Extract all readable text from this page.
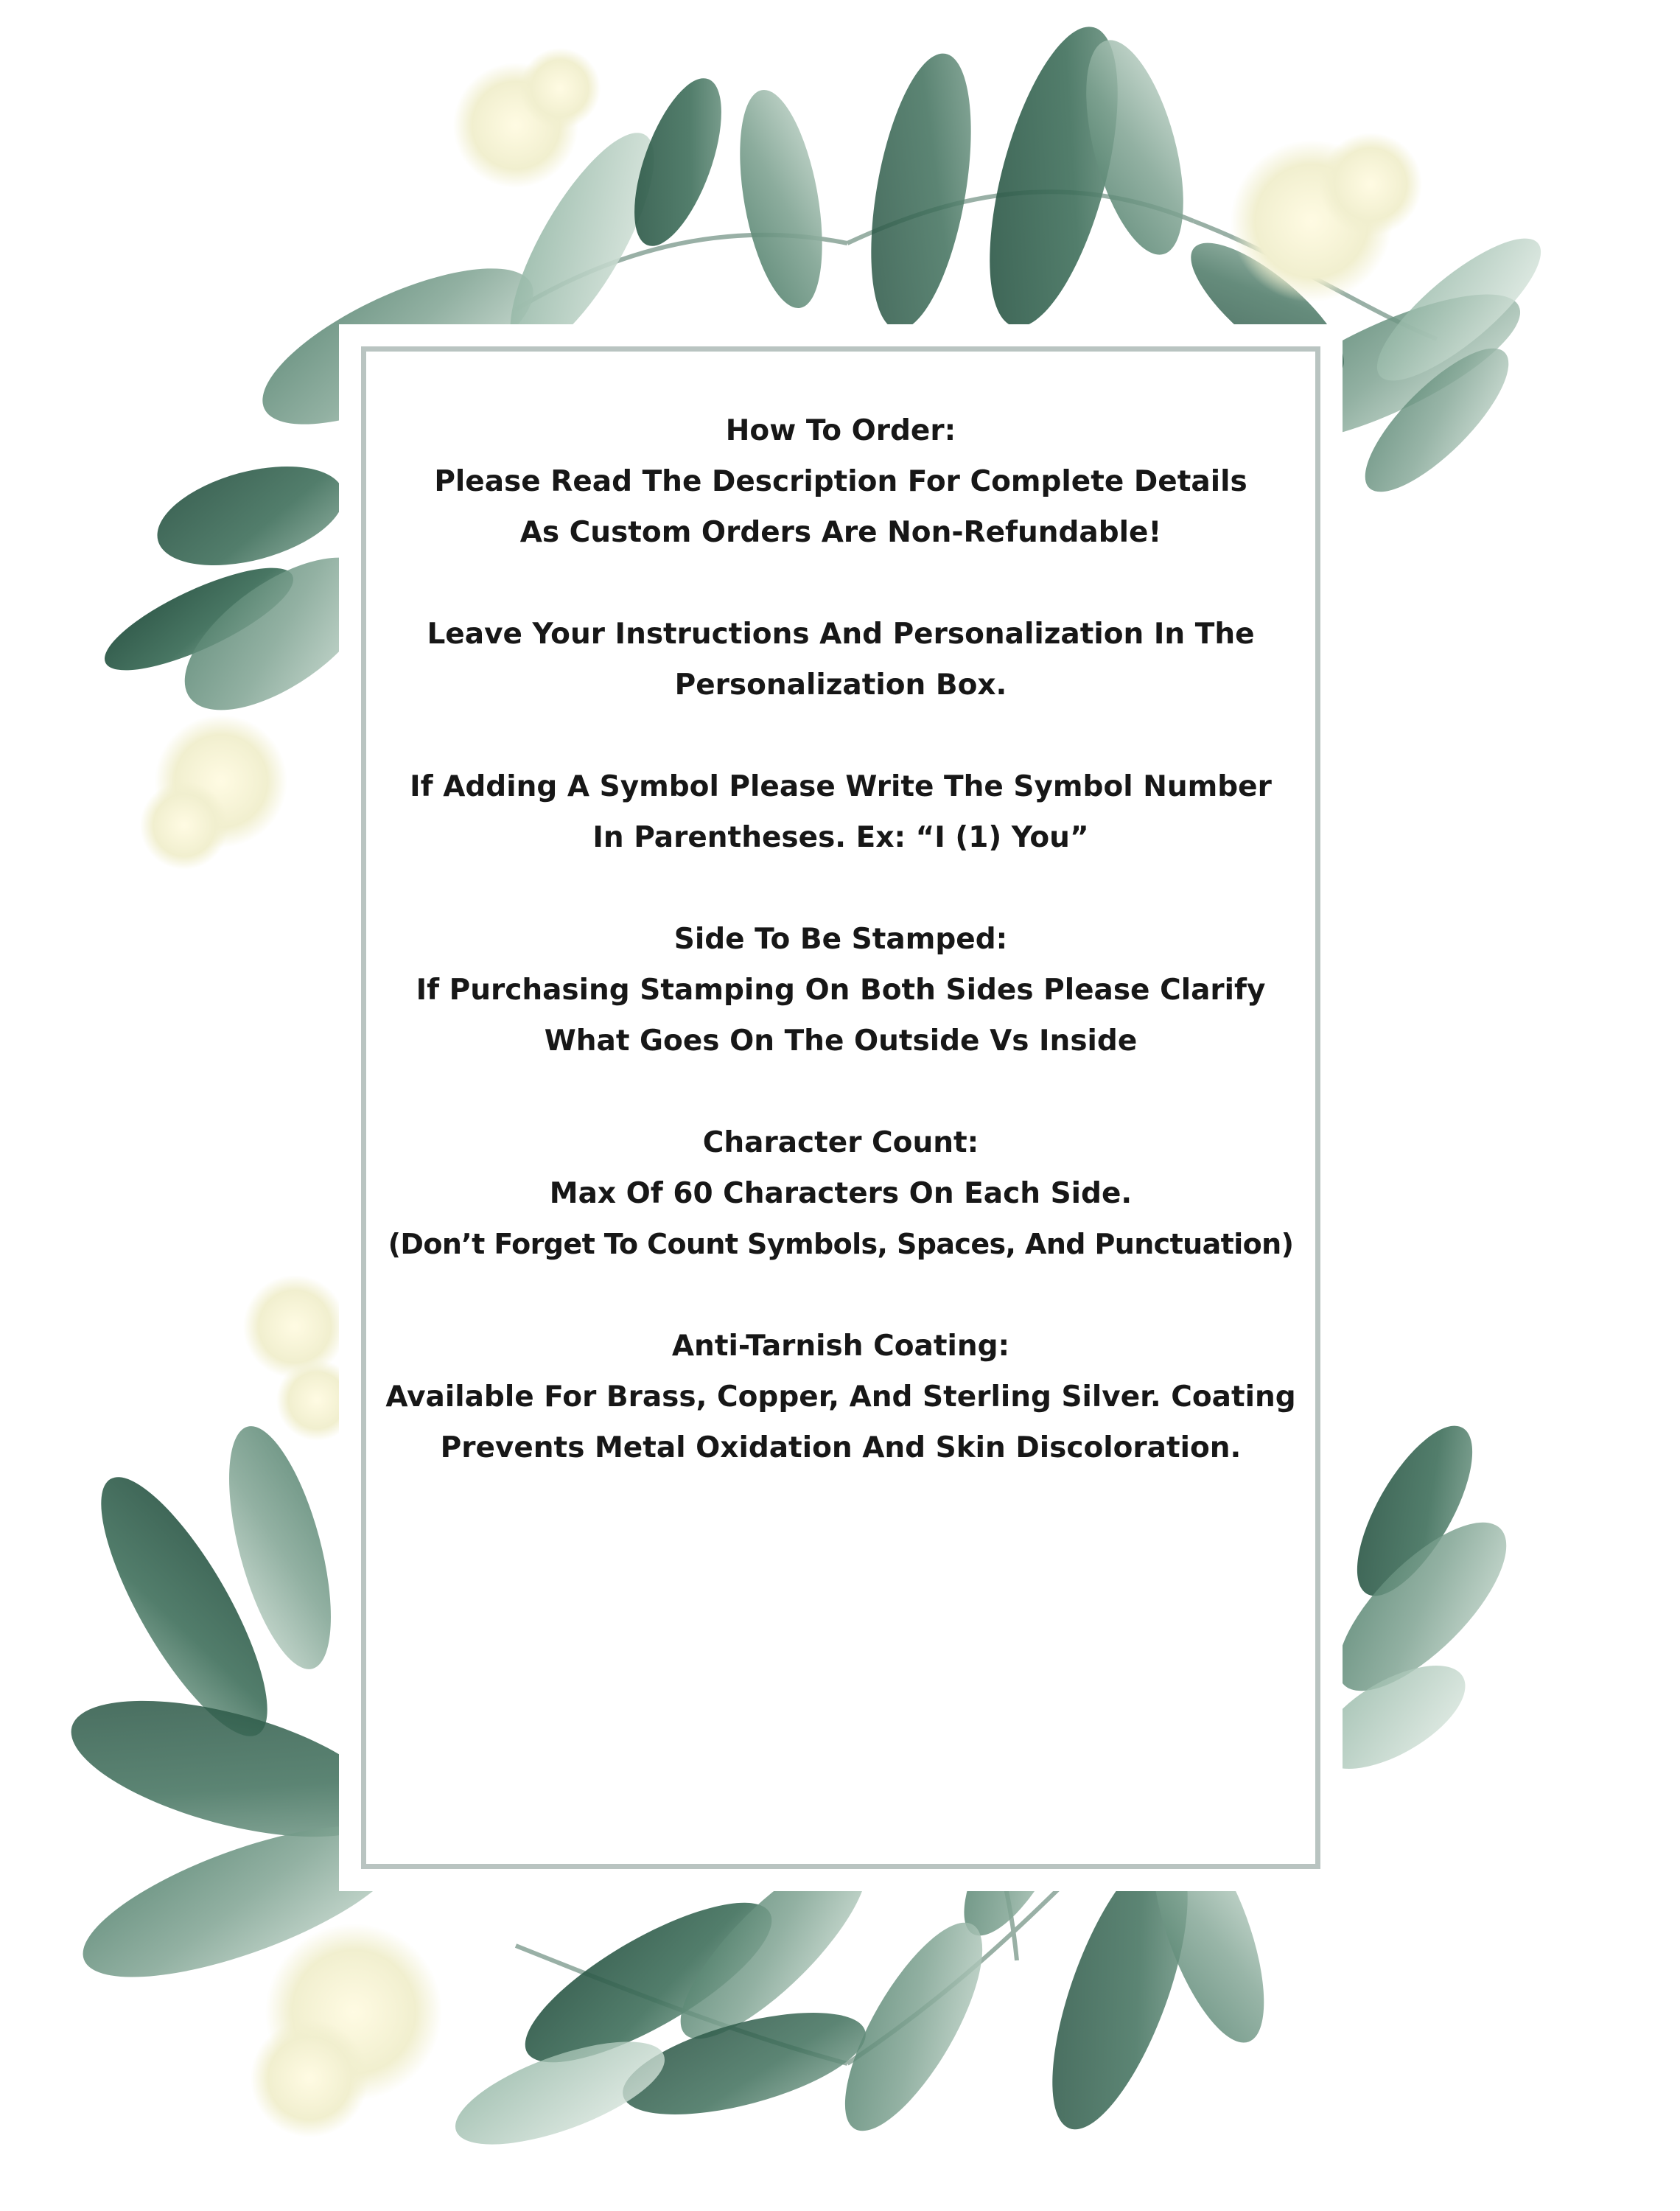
How To Order:
Please Read The Description For Complete Details
As Custom Orders Are Non-Refundable!
Leave Your Instructions And Personalization In The
Personalization Box.
If Adding A Symbol Please Write The Symbol Number
In Parentheses. Ex: “I (1) You”
Side To Be Stamped:
If Purchasing Stamping On Both Sides Please Clarify
What Goes On The Outside Vs Inside
Character Count:
Max Of 60 Characters On Each Side.
(Don’t Forget To Count Symbols, Spaces, And Punctuation)
Anti-Tarnish Coating:
Available For Brass, Copper, And Sterling Silver. Coating
Prevents Metal Oxidation And Skin Discoloration.
